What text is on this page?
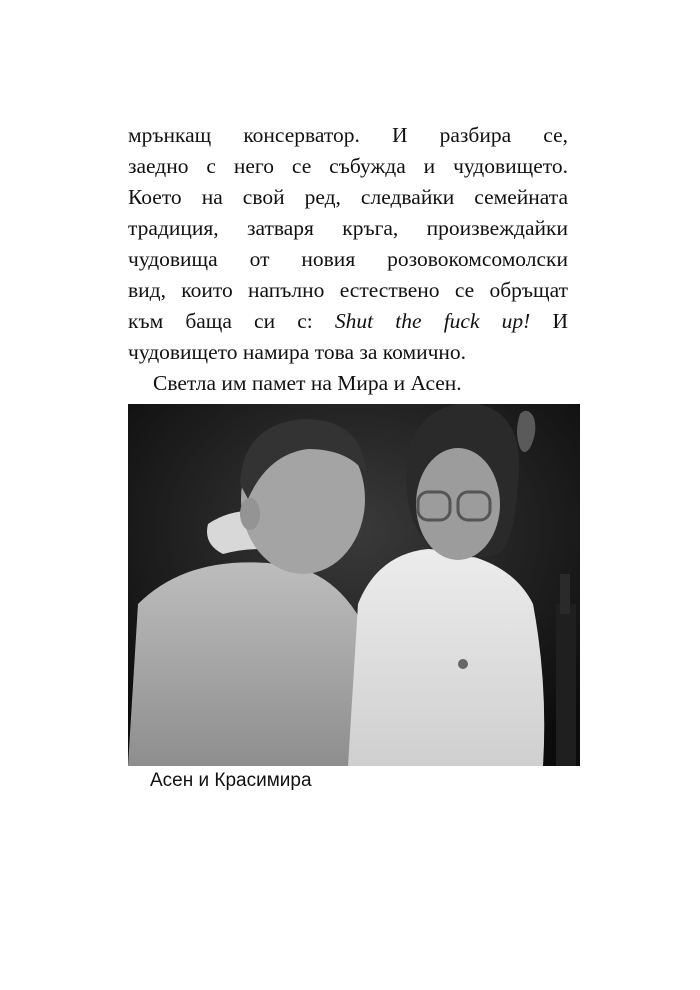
мрънкащ консерватор. И разбира се,
заедно с него се събужда и чудовището.
Което на свой ред, следвайки семейната
традиция, затваря кръга, произвеждайки
чудовища от новия розовокомсомолски
вид, които напълно естествено се обръщат
към баща си с: Shut the fuck up! И
чудовището намира това за комично.
Светла им памет на Мира и Асен.
Асен и Красимира
